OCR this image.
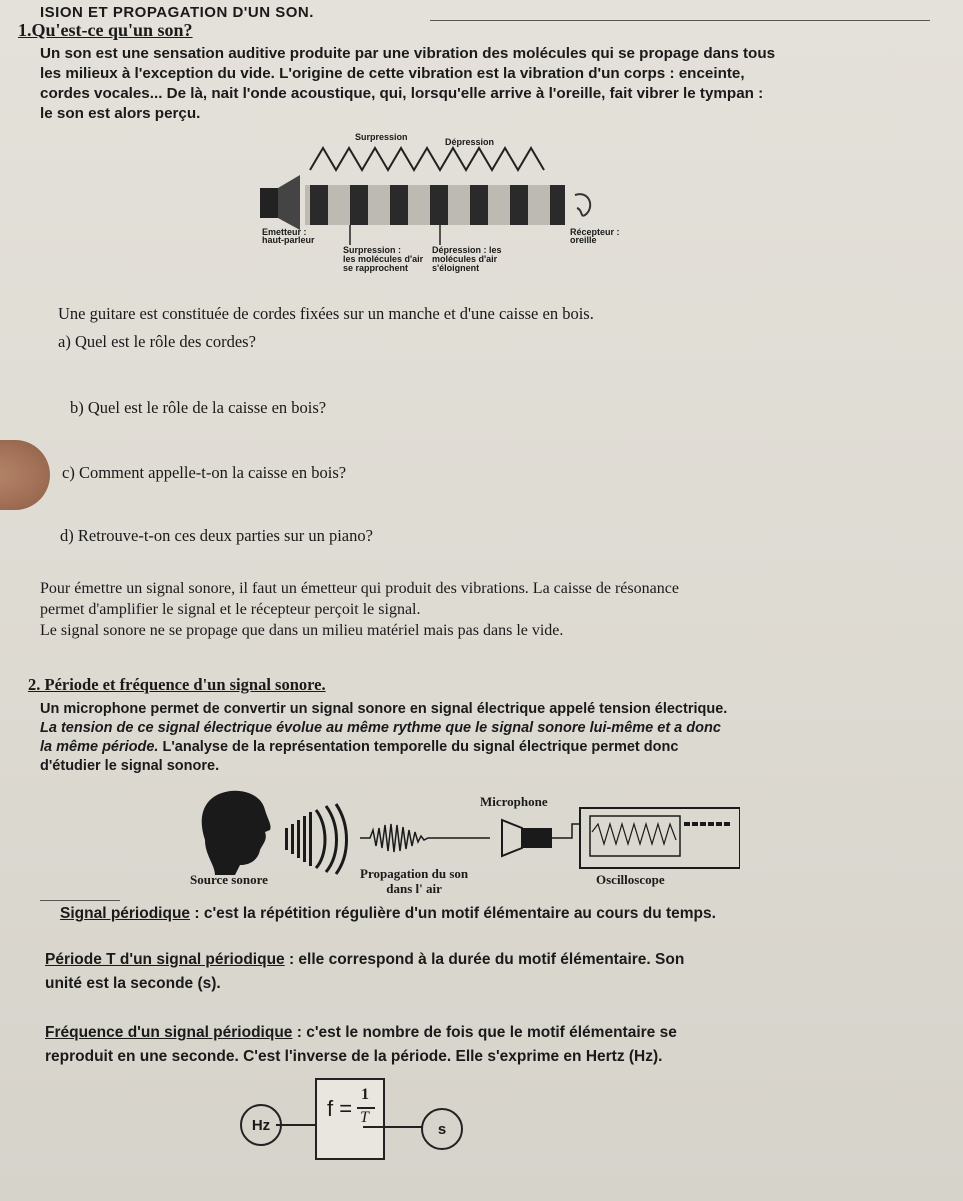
ISION ET PROPAGATION D'UN SON.
1.Qu'est-ce qu'un son?
Un son est une sensation auditive produite par une vibration des molécules qui se propage dans tous
les milieux à l'exception du vide. L'origine de cette vibration est la vibration d'un corps : enceinte,
cordes vocales... De là, nait l'onde acoustique, qui, lorsqu'elle arrive à l'oreille, fait vibrer le tympan :
le son est alors perçu.
Surpression	Dépression
Emetteur :
haut-parleur
Récepteur :
oreille
Surpression :
les molécules d'air
se rapprochent
Dépression : les
molécules d'air
s'éloignent
Une guitare est constituée de cordes fixées sur un manche et d'une caisse en bois.
a) Quel est le rôle des cordes?
b) Quel est le rôle de la caisse en bois?
c) Comment appelle-t-on la caisse en bois?
d) Retrouve-t-on ces deux parties sur un piano?
Pour émettre un signal sonore, il faut un émetteur qui produit des vibrations. La caisse de résonance
permet d'amplifier le signal et le récepteur perçoit le signal.
Le signal sonore ne se propage que dans un milieu matériel mais pas dans le vide.
2. Période et fréquence d'un signal sonore.
Un microphone permet de convertir un signal sonore en signal électrique appelé tension électrique.
La tension de ce signal électrique évolue au même rythme que le signal sonore lui-même et a donc
la même période. L'analyse de la représentation temporelle du signal électrique permet donc
d'étudier le signal sonore.
Microphone
Source sonore	Propagation du son
dans l' air
Oscilloscope
Signal périodique : c'est la répétition régulière d'un motif élémentaire au cours du temps.
Période T d'un signal périodique : elle correspond à la durée du motif élémentaire. Son
unité est la seconde (s).
Fréquence d'un signal périodique : c'est le nombre de fois que le motif élémentaire se
reproduit en une seconde. C'est l'inverse de la période. Elle s'exprime en Hertz (Hz).
f =
1
T
Hz	s
